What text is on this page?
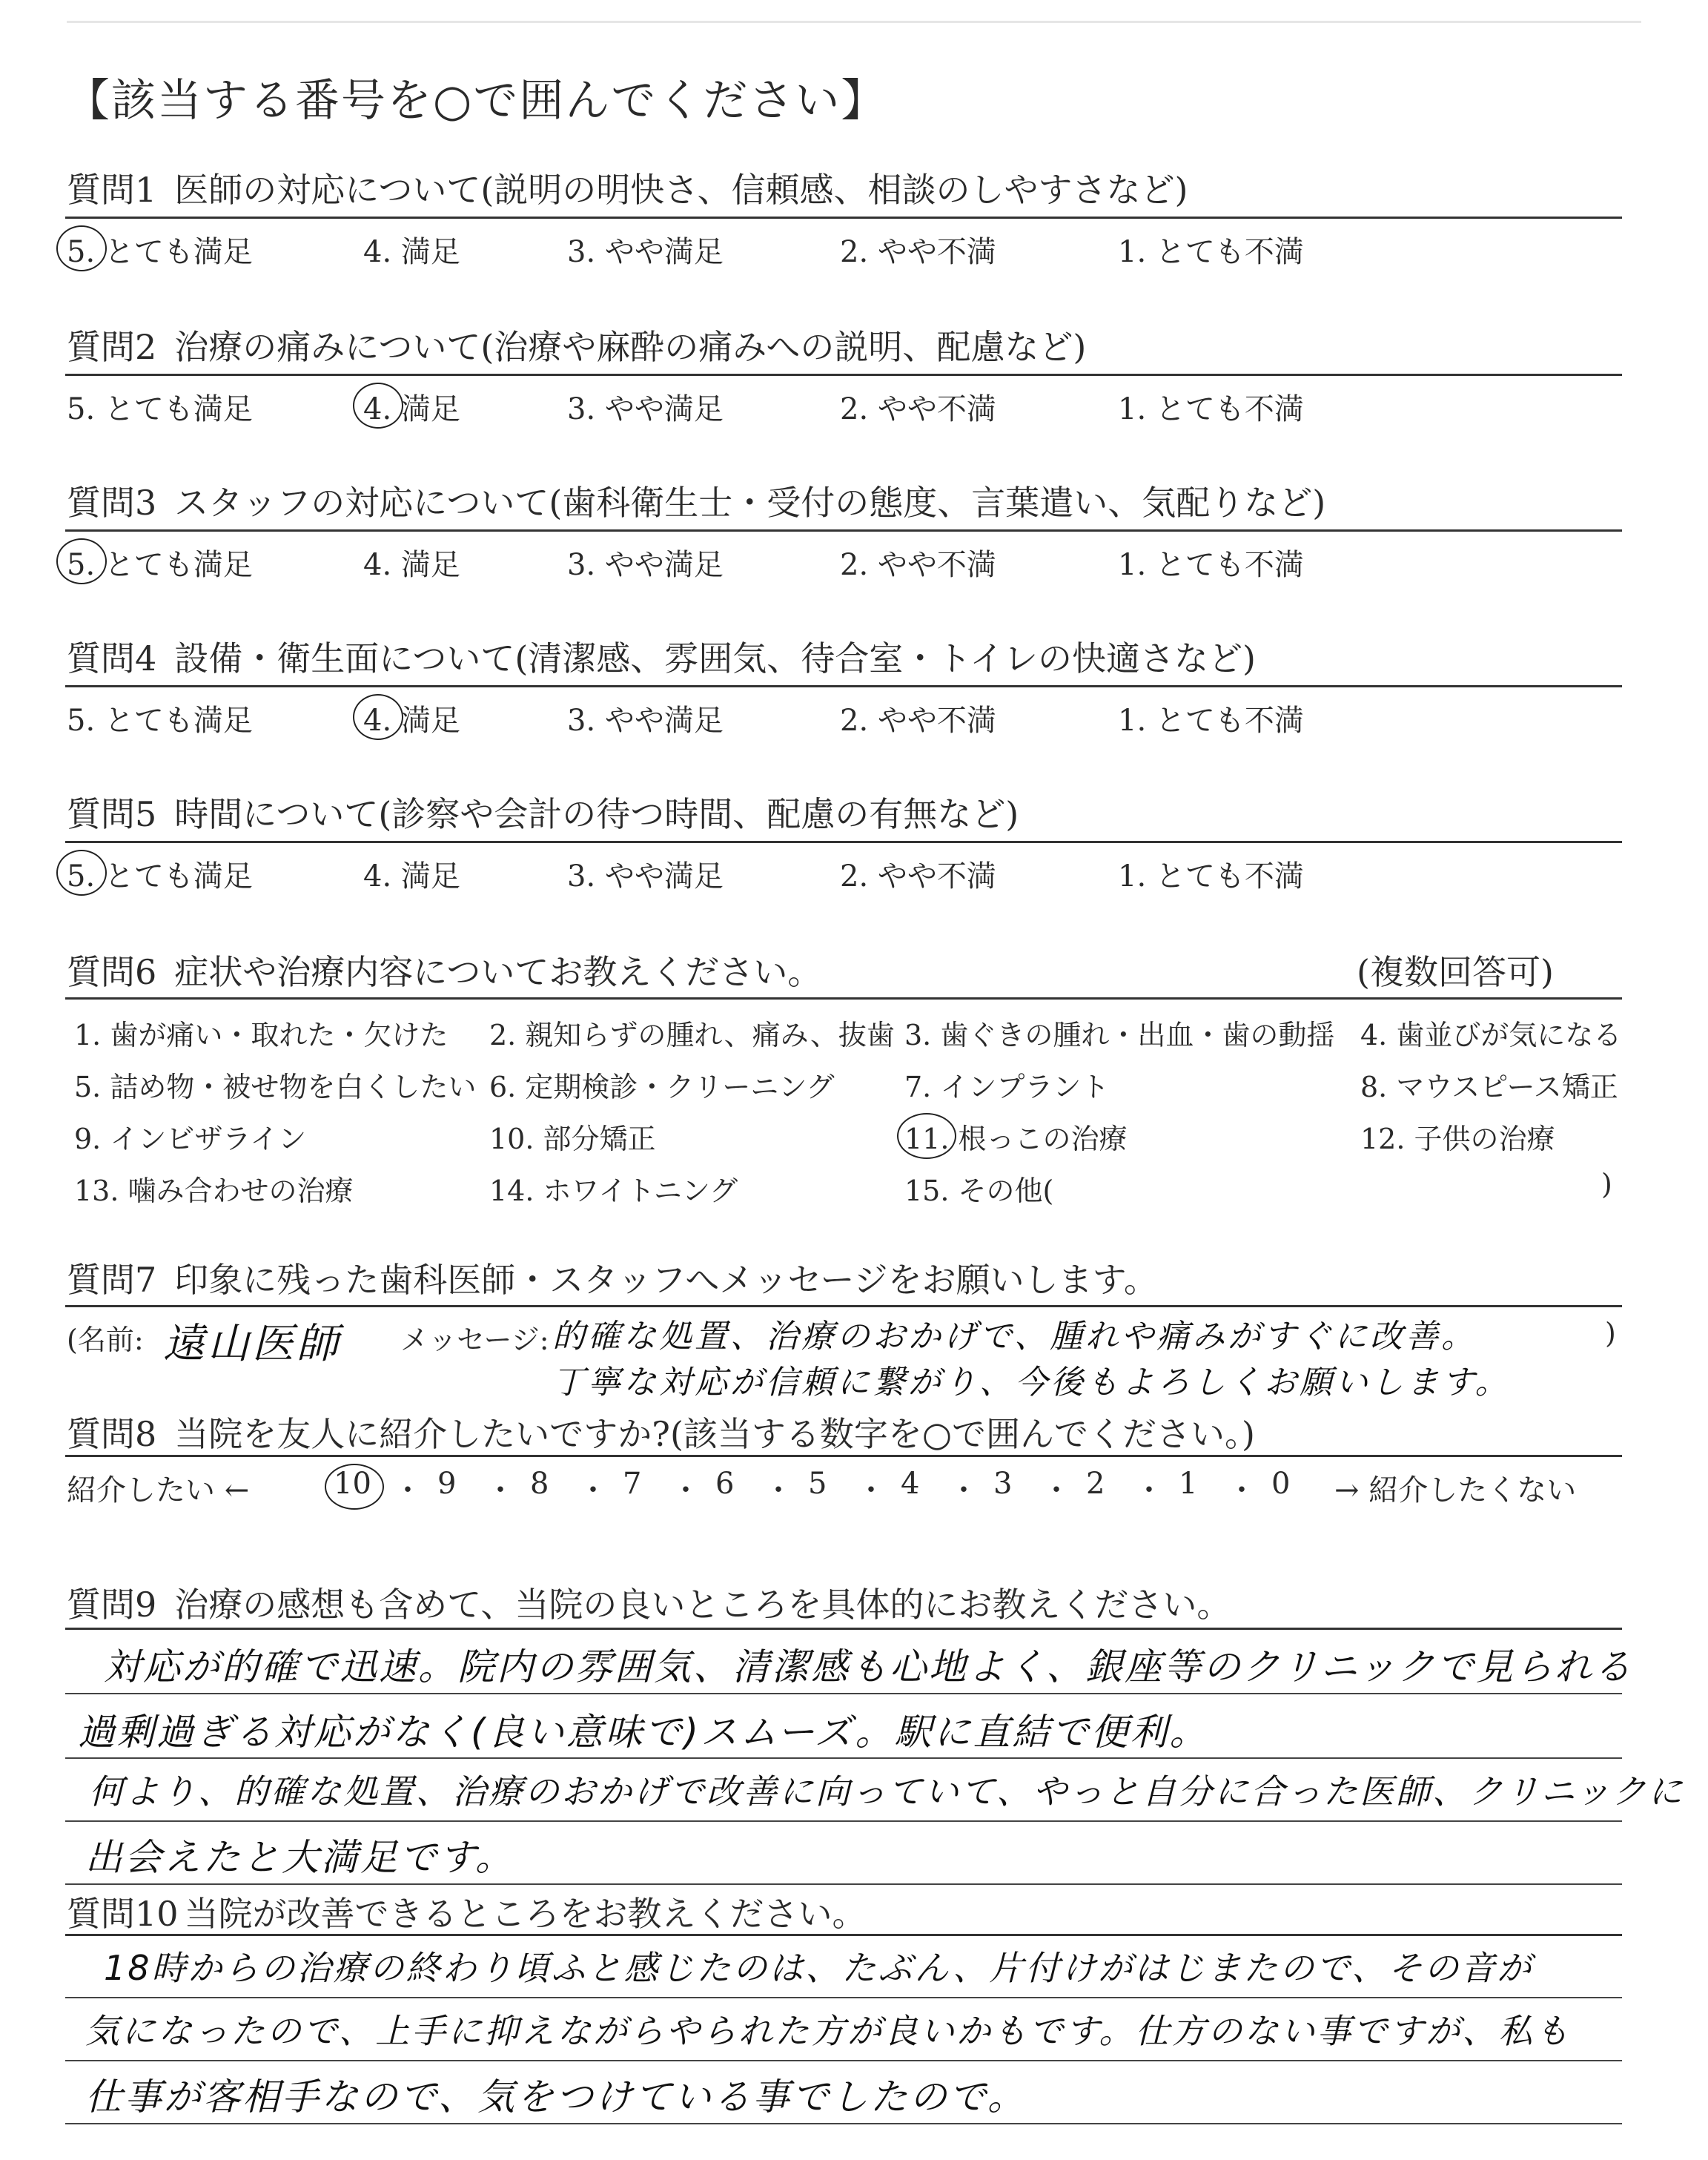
【該当する番号を○で囲んでください】
質問1 医師の対応について(説明の明快さ、信頼感、相談のしやすさなど)
5. とても満足	4. 満足	3. やや満足	2. やや不満	1. とても不満
質問2 治療の痛みについて(治療や麻酔の痛みへの説明、配慮など)
5. とても満足	4. 満足	3. やや満足	2. やや不満	1. とても不満
質問3 スタッフの対応について(歯科衛生士・受付の態度、言葉遣い、気配りなど)
5. とても満足	4. 満足	3. やや満足	2. やや不満	1. とても不満
質問4 設備・衛生面について(清潔感、雰囲気、待合室・トイレの快適さなど)
5. とても満足	4. 満足	3. やや満足	2. やや不満	1. とても不満
質問5 時間について(診察や会計の待つ時間、配慮の有無など)
5. とても満足	4. 満足	3. やや満足	2. やや不満	1. とても不満
質問6 症状や治療内容についてお教えください。	(複数回答可)
1. 歯が痛い・取れた・欠けた 2. 親知らずの腫れ、痛み、抜歯 3. 歯ぐきの腫れ・出血・歯の動揺 4. 歯並びが気になる
5. 詰め物・被せ物を白くしたい 6. 定期検診・クリーニング 7. インプラント	8. マウスピース矯正
9. インビザライン	10. 部分矯正	11. 根っこの治療	12. 子供の治療
13. 噛み合わせの治療	14. ホワイトニング	15. その他(	)
質問7 印象に残った歯科医師・スタッフへメッセージをお願いします。
(名前: 遠山医師 メッセージ: 的確な処置、治療のおかげで、腫れや痛みがすぐに改善。
丁寧な対応が信頼に繋がり、今後もよろしくお願いします。
)
質問8 当院を友人に紹介したいですか?(該当する数字を○で囲んでください。)
紹介したい ←	10 ・ 9 ・ 8 ・ 7 ・ 6 ・ 5 ・ 4 ・ 3 ・ 2 ・ 1 ・ 0 → 紹介したくない
質問9 治療の感想も含めて、当院の良いところを具体的にお教えください。
対応が的確で迅速。院内の雰囲気、清潔感も心地よく、銀座等のクリニックで見られる
過剰過ぎる対応がなく(良い意味で)スムーズ。駅に直結で便利。
何より、的確な処置、治療のおかげで改善に向っていて、やっと自分に合った医師、クリニックに
出会えたと大満足です。
質問10 当院が改善できるところをお教えください。
18時からの治療の終わり頃ふと感じたのは、たぶん、片付けがはじまたので、その音が
気になったので、上手に抑えながらやられた方が良いかもです。仕方のない事ですが、私も
仕事が客相手なので、気をつけている事でしたので。
